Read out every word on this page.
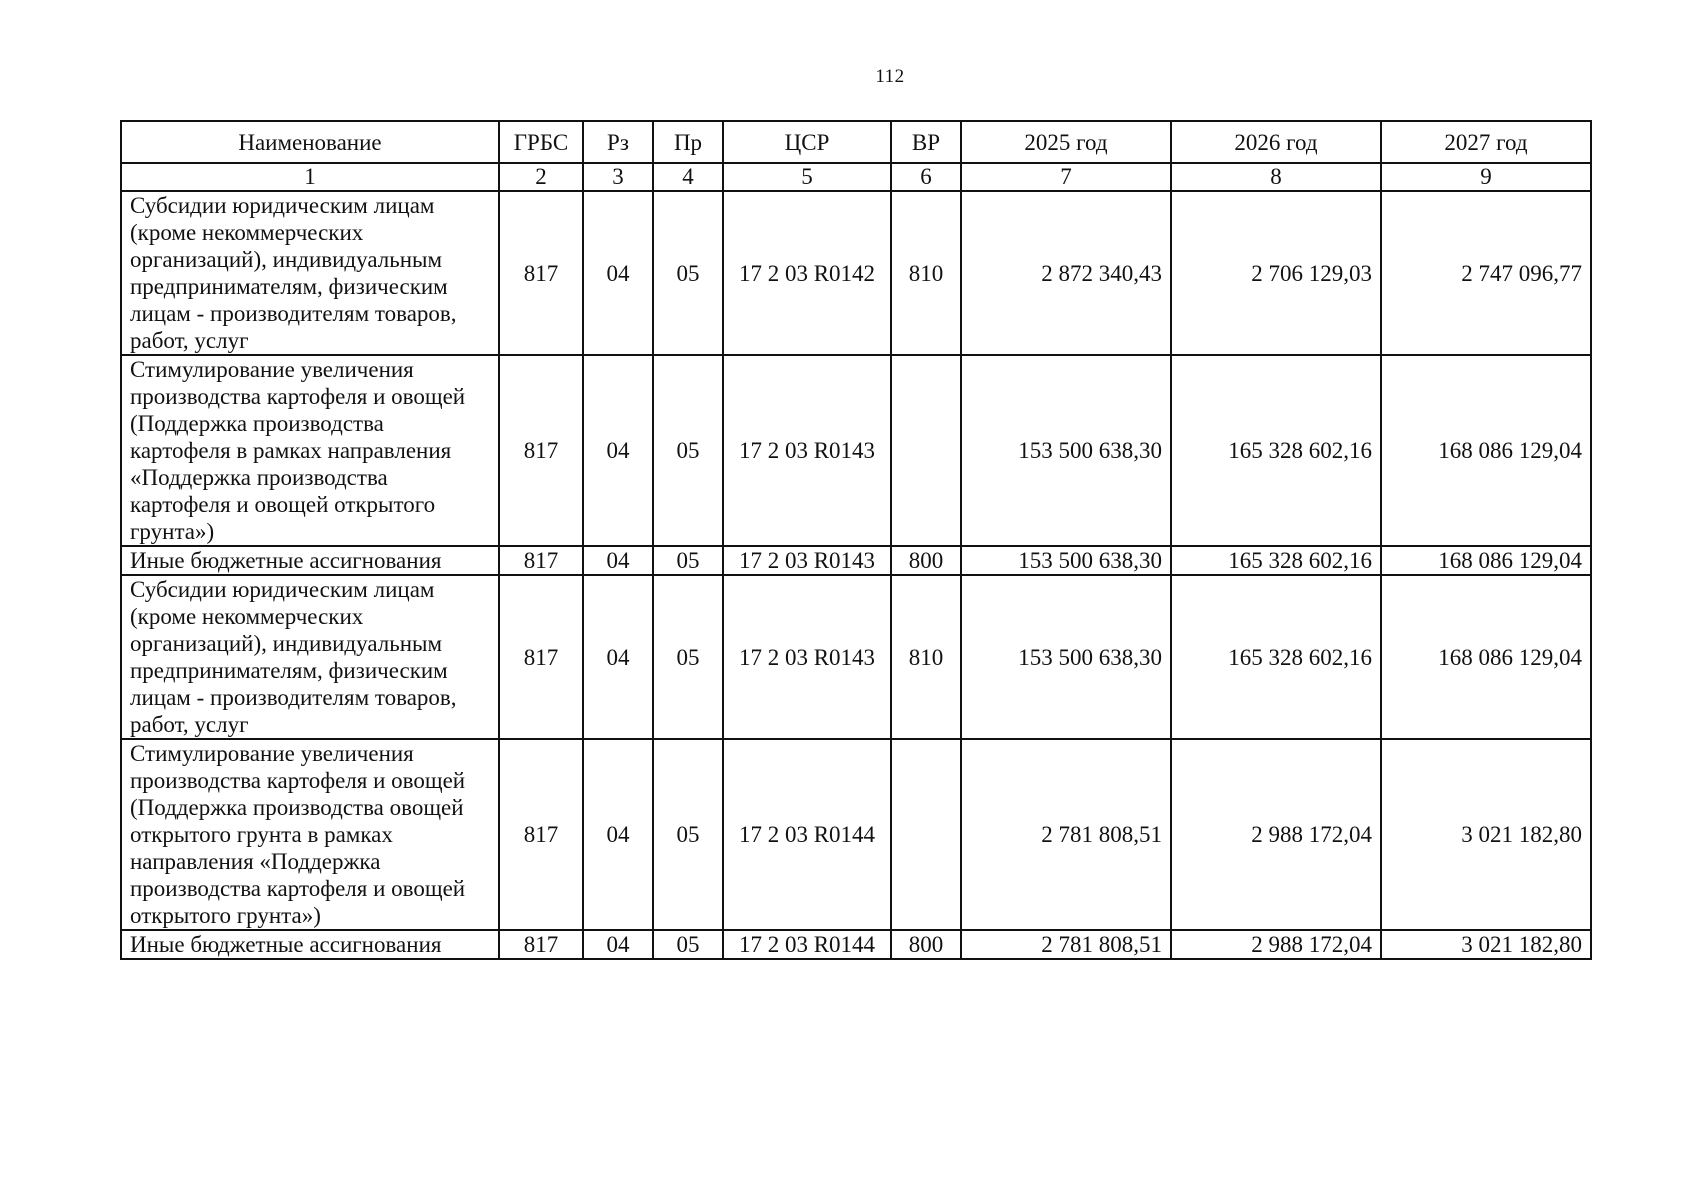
112
Наименование	ГРБС	Рз	Пр	ЦСР	ВР	2025 год	2026 год	2027 год
1	2	3	4	5	6	7	8	9
Субсидии юридическим лицам (кроме некоммерческих организаций), индивидуальным предпринимателям, физическим лицам - производителям товаров, работ, услуг	817	04	05	17 2 03 R0142	810	2 872 340,43	2 706 129,03	2 747 096,77
Стимулирование увеличения производства картофеля и овощей (Поддержка производства картофеля в рамках направления «Поддержка производства картофеля и овощей открытого грунта»)	817	04	05	17 2 03 R0143		153 500 638,30	165 328 602,16	168 086 129,04
Иные бюджетные ассигнования	817	04	05	17 2 03 R0143	800	153 500 638,30	165 328 602,16	168 086 129,04
Субсидии юридическим лицам (кроме некоммерческих организаций), индивидуальным предпринимателям, физическим лицам - производителям товаров, работ, услуг	817	04	05	17 2 03 R0143	810	153 500 638,30	165 328 602,16	168 086 129,04
Стимулирование увеличения производства картофеля и овощей (Поддержка производства овощей открытого грунта в рамках направления «Поддержка производства картофеля и овощей открытого грунта»)	817	04	05	17 2 03 R0144		2 781 808,51	2 988 172,04	3 021 182,80
Иные бюджетные ассигнования	817	04	05	17 2 03 R0144	800	2 781 808,51	2 988 172,04	3 021 182,80
